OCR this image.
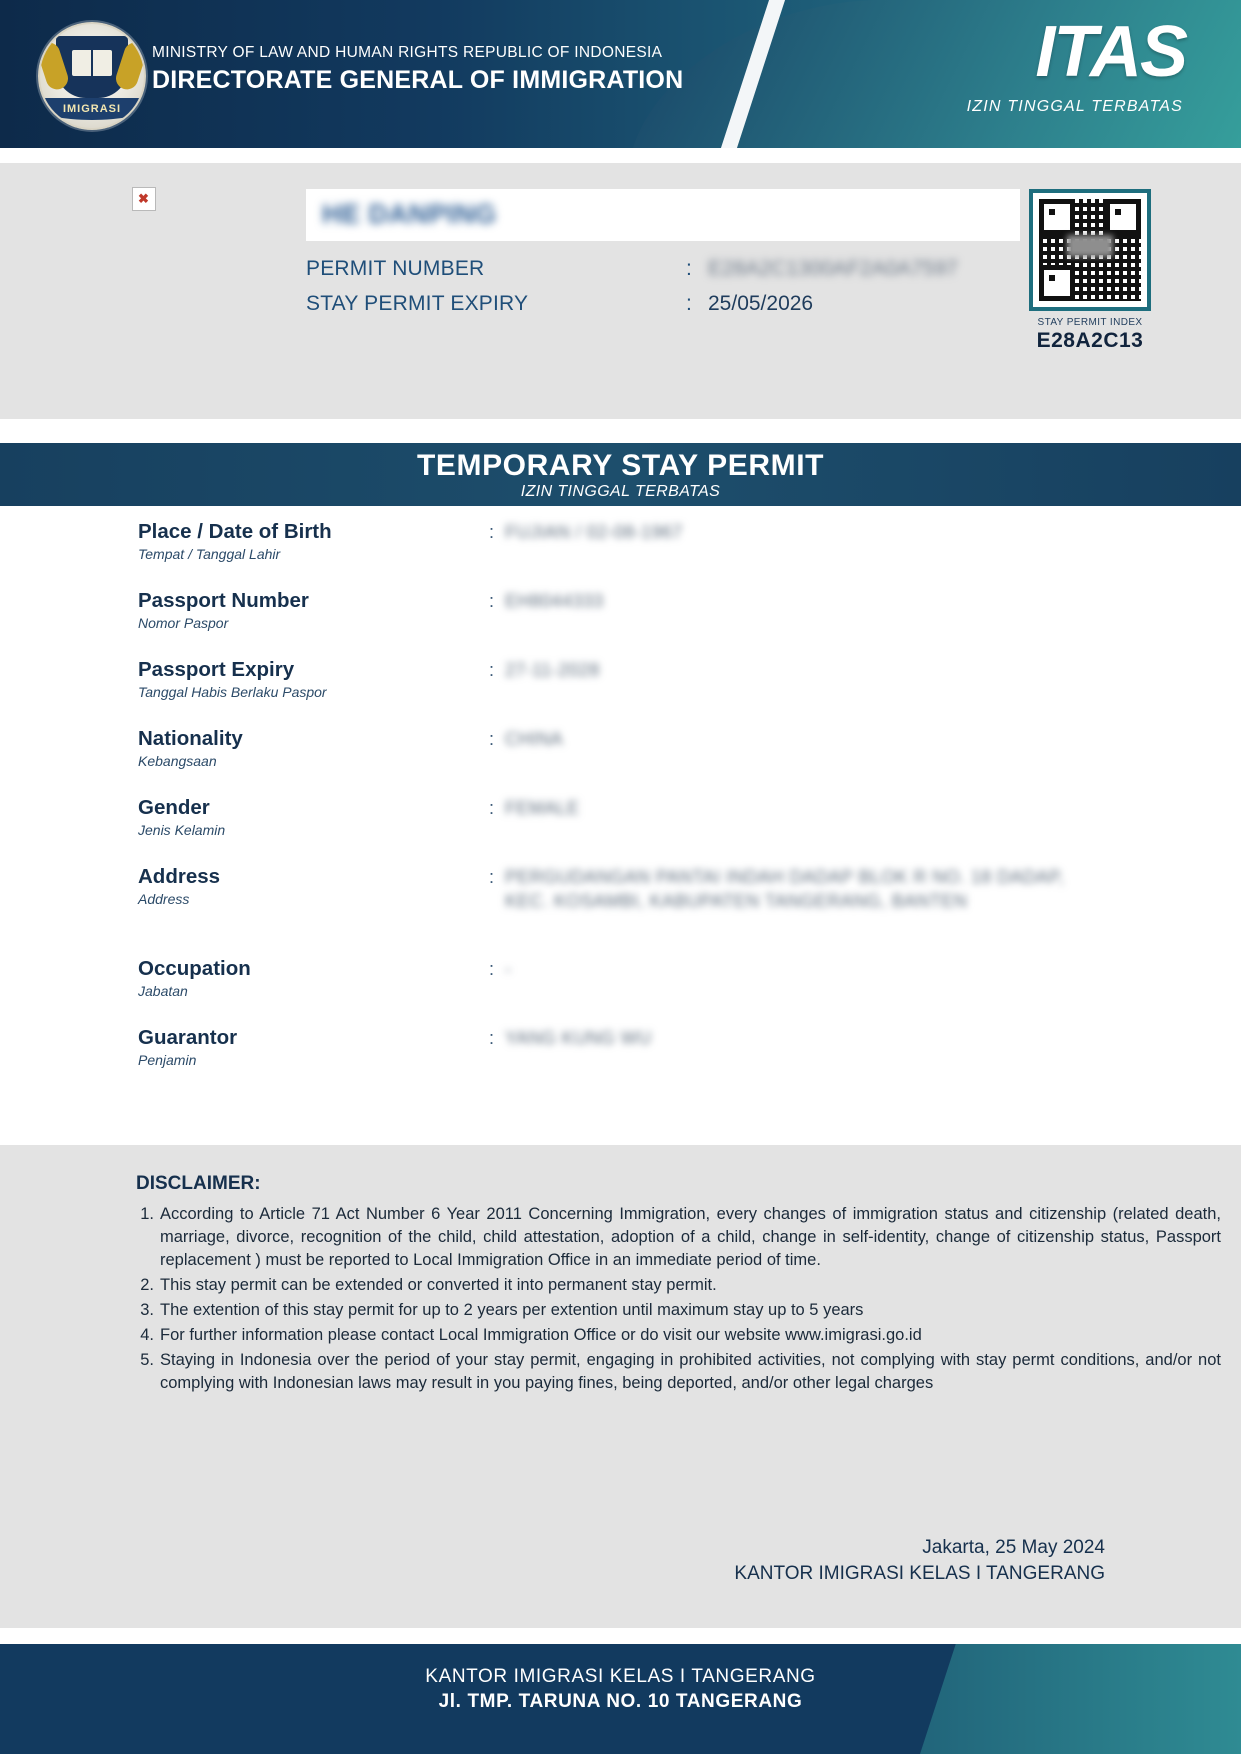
IMIGRASI
MINISTRY OF LAW AND HUMAN RIGHTS REPUBLIC OF INDONESIA
DIRECTORATE GENERAL OF IMMIGRATION	ITAS
IZIN TINGGAL TERBATAS
✖
HE DANPING
PERMIT NUMBER	: E28A2C1300AF2A0A7597
STAY PERMIT EXPIRY	: 25/05/2026
STAY PERMIT INDEX
E28A2C13
TEMPORARY STAY PERMIT
IZIN TINGGAL TERBATAS
Place / Date of Birth
Tempat / Tanggal Lahir
: FUJIAN / 02-08-1967
Passport Number
Nomor Paspor
: EH8044333
Passport Expiry
Tanggal Habis Berlaku Paspor
: 27-11-2028
Nationality
Kebangsaan
: CHINA
Gender
Jenis Kelamin
: FEMALE
Address
Address
: PERGUDANGAN PANTAI INDAH DADAP BLOK R NO. 18 DADAP,
KEC. KOSAMBI, KABUPATEN TANGERANG, BANTEN
Occupation
Jabatan
: -
Guarantor
Penjamin
: YANG KUNG WU
DISCLAIMER:
1. According to Article 71 Act Number 6 Year 2011 Concerning Immigration, every changes of immigration status and citizenship (related death, marriage, divorce, recognition of the child, child attestation, adoption of a child, change in self-identity, change of citizenship status, Passport replacement ) must be reported to Local Immigration Office in an immediate period of time.
2. This stay permit can be extended or converted it into permanent stay permit.
3. The extention of this stay permit for up to 2 years per extention until maximum stay up to 5 years
4. For further information please contact Local Immigration Office or do visit our website www.imigrasi.go.id
5. Staying in Indonesia over the period of your stay permit, engaging in prohibited activities, not complying with stay permt conditions, and/or not complying with Indonesian laws may result in you paying fines, being deported, and/or other legal charges
Jakarta, 25 May 2024
KANTOR IMIGRASI KELAS I TANGERANG
KANTOR IMIGRASI KELAS I TANGERANG
Jl. TMP. TARUNA NO. 10 TANGERANG
